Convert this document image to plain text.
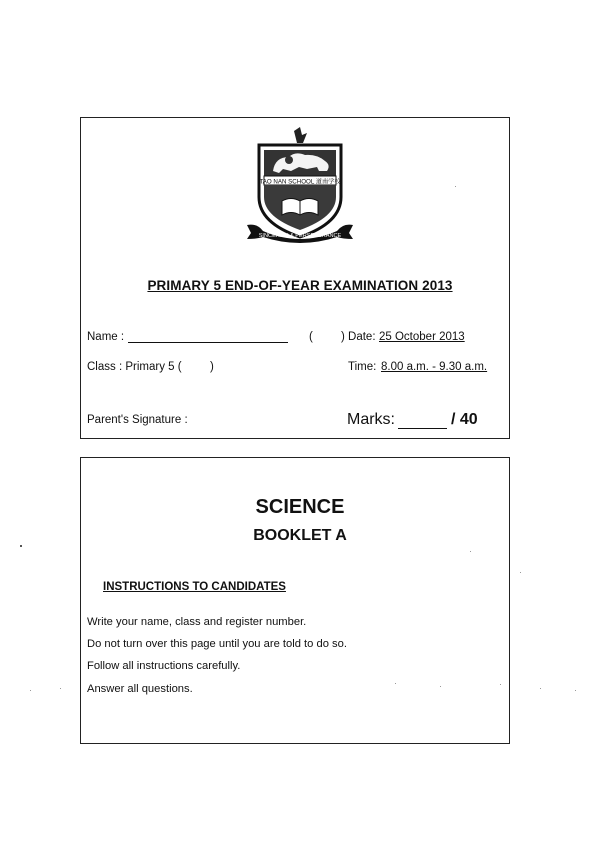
TAO NAN SCHOOL 道南学校
SINCERITY & PERSEVERANCE
PRIMARY 5 END-OF-YEAR EXAMINATION 2013
Name :	( ) Date: 25 October 2013
Class : Primary 5 ( )	Time: 8.00 a.m. - 9.30 a.m.
Parent's Signature :	Marks:	/ 40
SCIENCE
BOOKLET A
INSTRUCTIONS TO CANDIDATES
Write your name, class and register number.
Do not turn over this page until you are told to do so.
Follow all instructions carefully.
Answer all questions.
